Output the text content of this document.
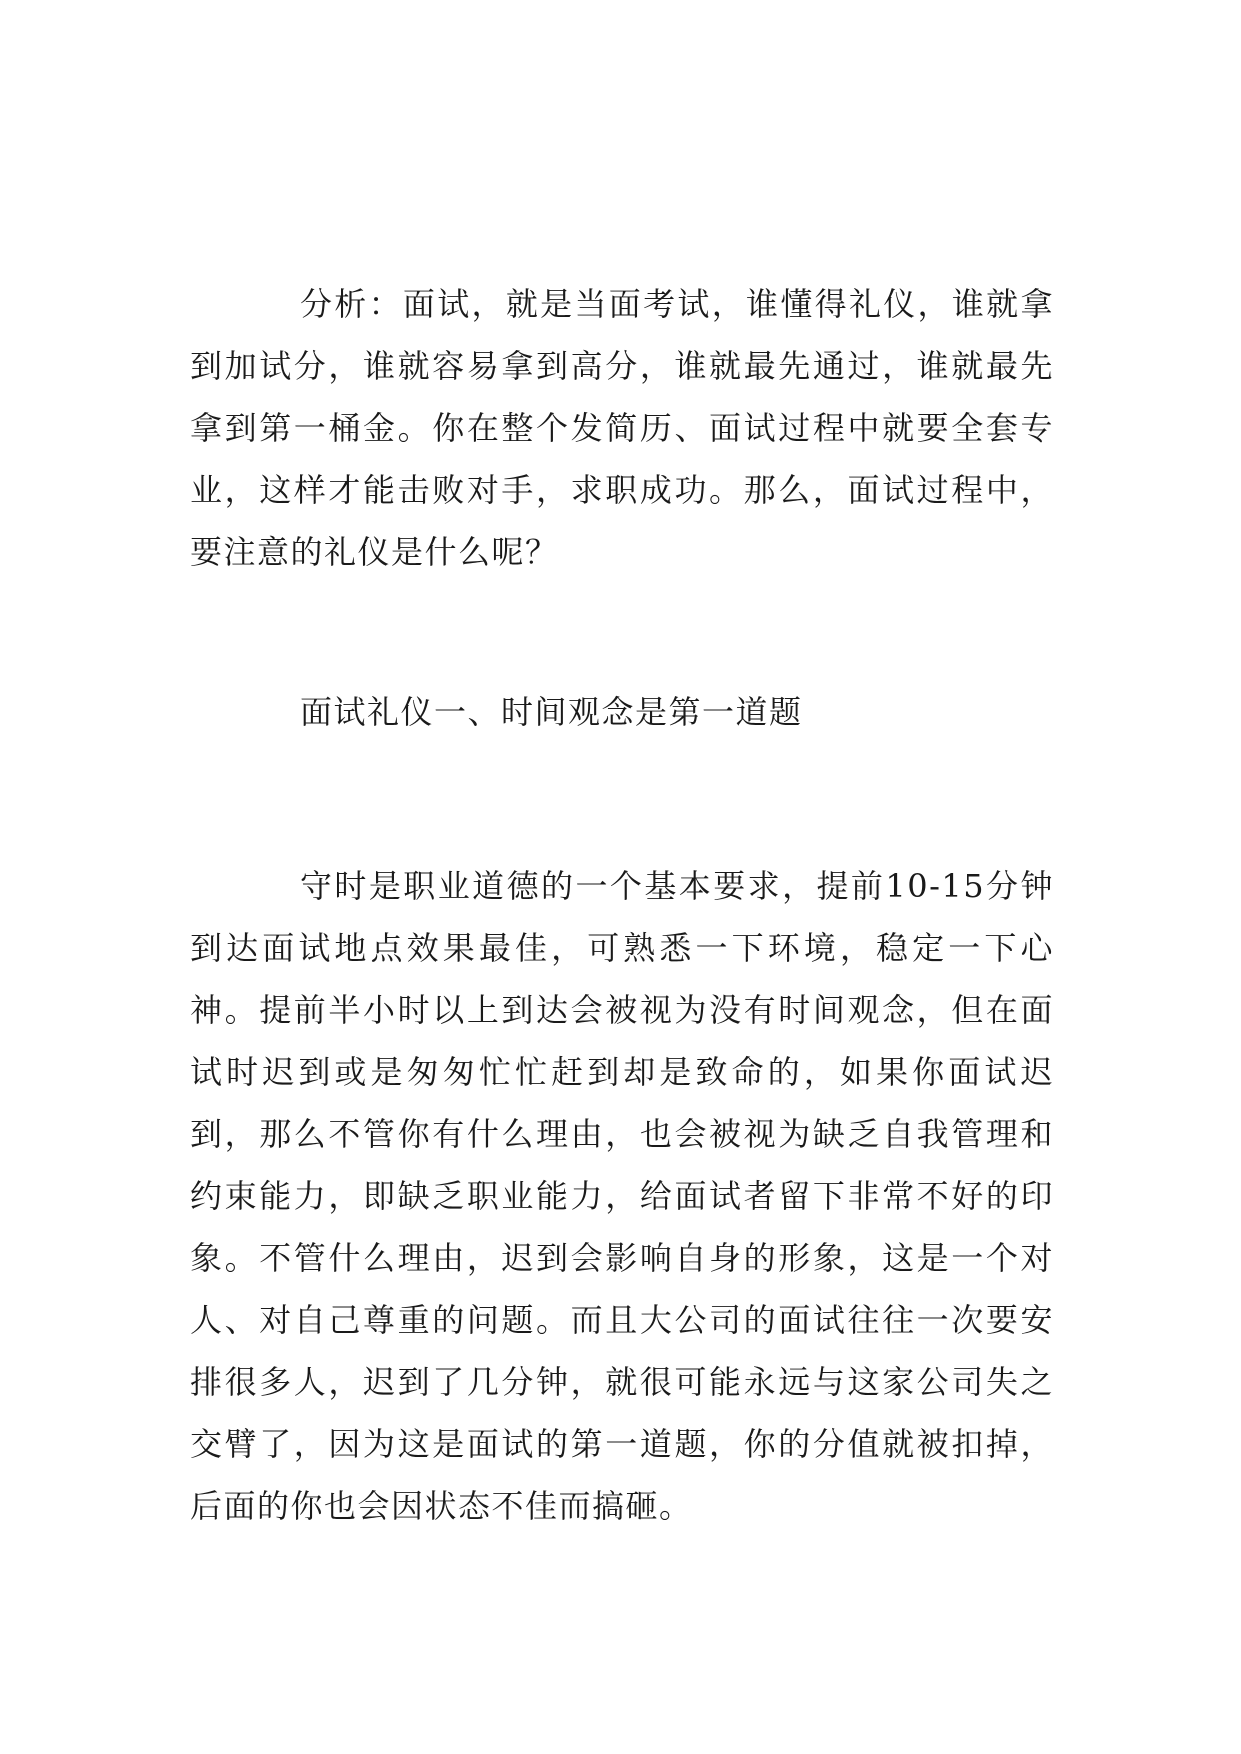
分析：面试，就是当面考试，谁懂得礼仪，谁就拿到加试分，谁就容易拿到高分，谁就最先通过，谁就最先拿到第一桶金。你在整个发简历、面试过程中就要全套专业，这样才能击败对手，求职成功。那么，面试过程中，要注意的礼仪是什么呢？

面试礼仪一、时间观念是第一道题

守时是职业道德的一个基本要求，提前10-15分钟到达面试地点效果最佳，可熟悉一下环境，稳定一下心神。提前半小时以上到达会被视为没有时间观念，但在面试时迟到或是匆匆忙忙赶到却是致命的，如果你面试迟到，那么不管你有什么理由，也会被视为缺乏自我管理和约束能力，即缺乏职业能力，给面试者留下非常不好的印象。不管什么理由，迟到会影响自身的形象，这是一个对人、对自己尊重的问题。而且大公司的面试往往一次要安排很多人，迟到了几分钟，就很可能永远与这家公司失之交臂了，因为这是面试的第一道题，你的分值就被扣掉，后面的你也会因状态不佳而搞砸。
